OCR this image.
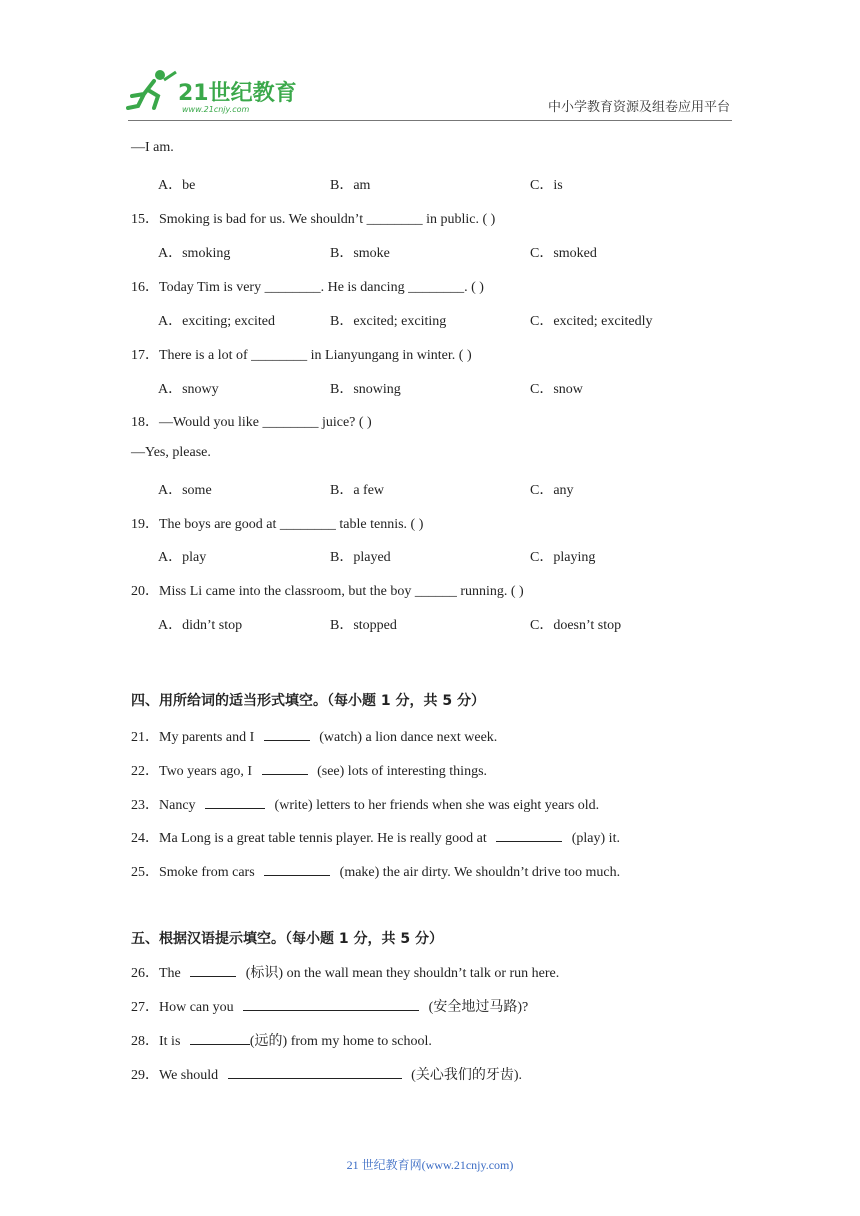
21世纪教育
www.21cnjy.com	中小学教育资源及组卷应用平台
—I am.
A．be	B．am	C．is
15．Smoking is bad for us. We shouldn’t ________ in public. ( )
A．smoking	B．smoke	C．smoked
16．Today Tim is very ________. He is dancing ________. ( )
A．exciting; excited	B．excited; exciting	C．excited; excitedly
17．There is a lot of ________ in Lianyungang in winter. ( )
A．snowy	B．snowing	C．snow
18．—Would you like ________ juice? ( )
—Yes, please.
A．some	B．a few	C．any
19．The boys are good at ________ table tennis. ( )
A．play	B．played	C．playing
20．Miss Li came into the classroom, but the boy ______ running. ( )
A．didn’t stop	B．stopped	C．doesn’t stop
四、用所给词的适当形式填空。（每小题 1 分，共 5 分）
21．My parents and I	(watch) a lion dance next week.
22．Two years ago, I	(see) lots of interesting things.
23．Nancy	(write) letters to her friends when she was eight years old.
24．Ma Long is a great table tennis player. He is really good at	(play) it.
25．Smoke from cars	(make) the air dirty. We shouldn’t drive too much.
五、根据汉语提示填空。（每小题 1 分，共 5 分）
26．The	(标识) on the wall mean they shouldn’t talk or run here.
27．How can you	(安全地过马路)?
28．It is	(远的) from my home to school.
29．We should	(关心我们的牙齿).
21 世纪教育网(www.21cnjy.com)
